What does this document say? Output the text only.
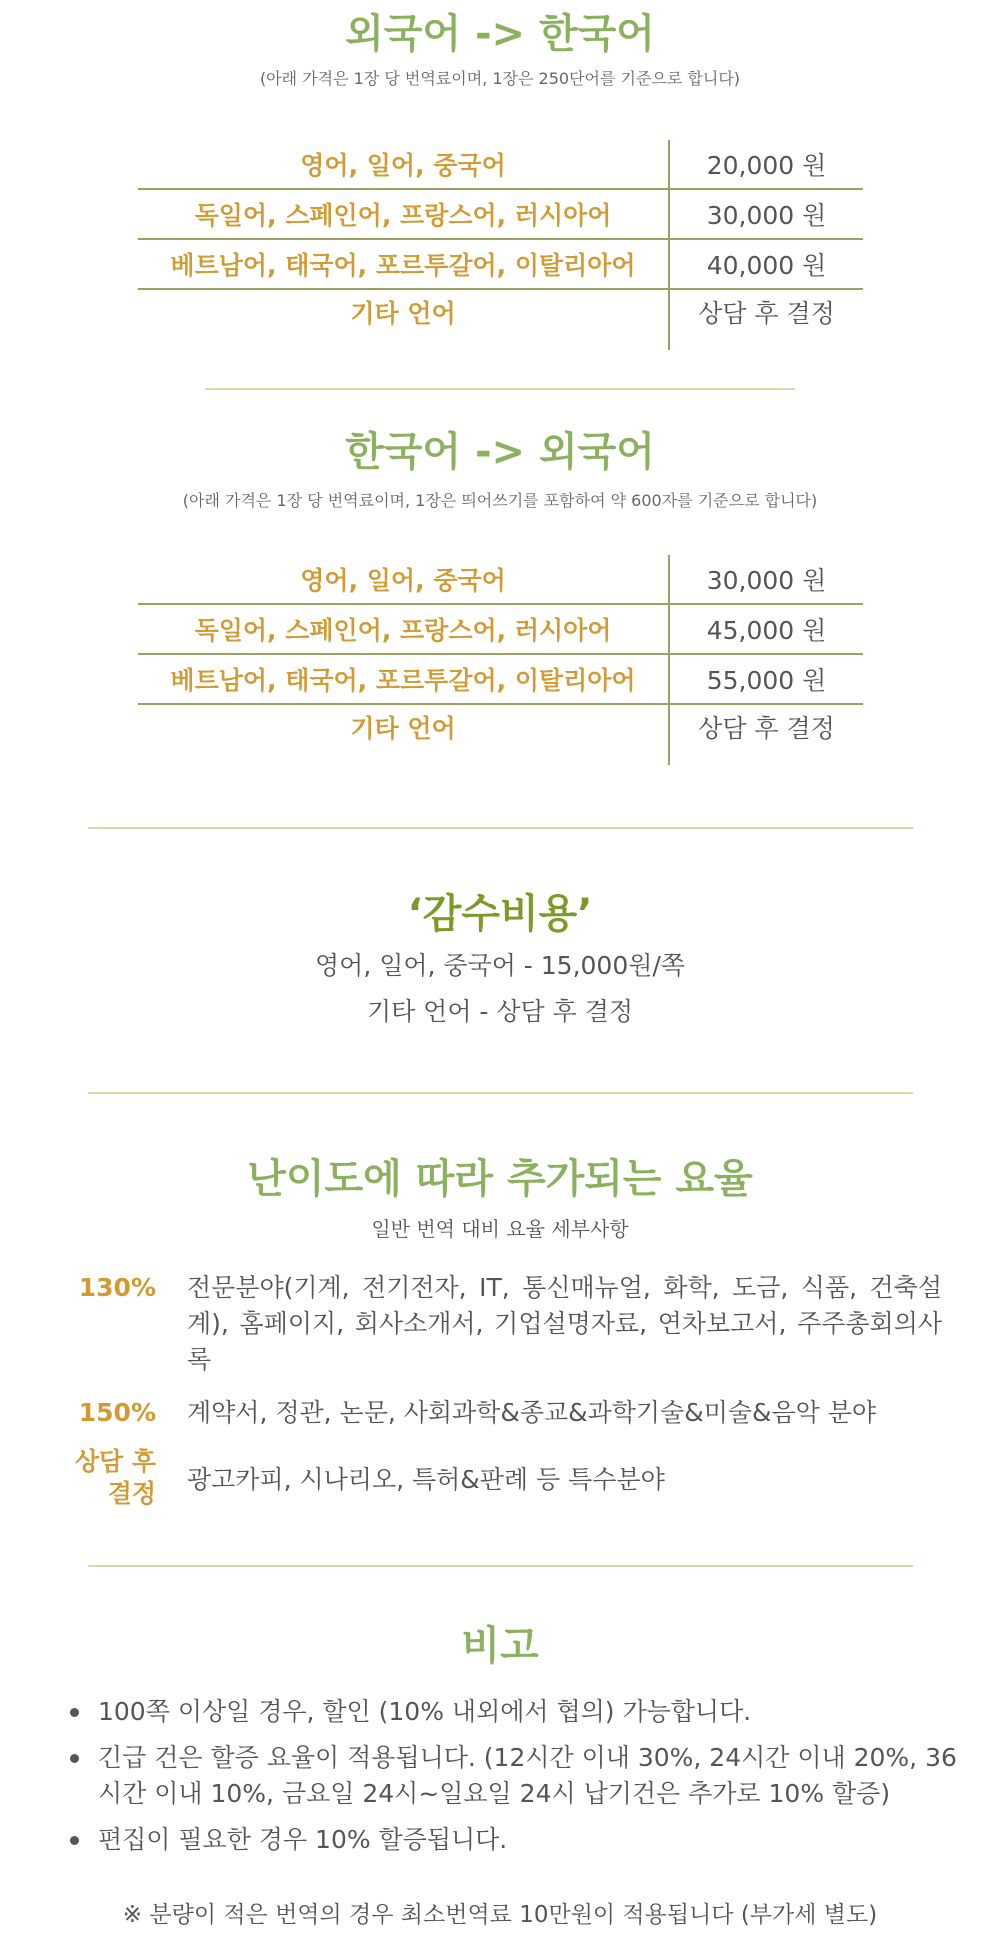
외국어 -> 한국어
(아래 가격은 1장 당 번역료이며, 1장은 250단어를 기준으로 합니다)
영어, 일어, 중국어	20,000 원
독일어, 스페인어, 프랑스어, 러시아어	30,000 원
베트남어, 태국어, 포르투갈어, 이탈리아어	40,000 원
기타 언어	상담 후 결정
한국어 -> 외국어
(아래 가격은 1장 당 번역료이며, 1장은 띄어쓰기를 포함하여 약 600자를 기준으로 합니다)
영어, 일어, 중국어	30,000 원
독일어, 스페인어, 프랑스어, 러시아어	45,000 원
베트남어, 태국어, 포르투갈어, 이탈리아어	55,000 원
기타 언어	상담 후 결정
‘감수비용’
영어, 일어, 중국어 - 15,000원/쪽
기타 언어 - 상담 후 결정
난이도에 따라 추가되는 요율
일반 번역 대비 요율 세부사항
130% 전문분야(기계, 전기전자, IT, 통신매뉴얼, 화학, 도금, 식품, 건축설계), 홈페이지, 회사소개서, 기업설명자료, 연차보고서, 주주총회의사록
150% 계약서, 정관, 논문, 사회과학&종교&과학기술&미술&음악 분야
상담 후 결정 광고카피, 시나리오, 특허&판례 등 특수분야
비고
100쪽 이상일 경우, 할인 (10% 내외에서 협의) 가능합니다.
긴급 건은 할증 요율이 적용됩니다. (12시간 이내 30%, 24시간 이내 20%, 36시간 이내 10%, 금요일 24시~일요일 24시 납기건은 추가로 10% 할증)
편집이 필요한 경우 10% 할증됩니다.
※ 분량이 적은 번역의 경우 최소번역료 10만원이 적용됩니다 (부가세 별도)
